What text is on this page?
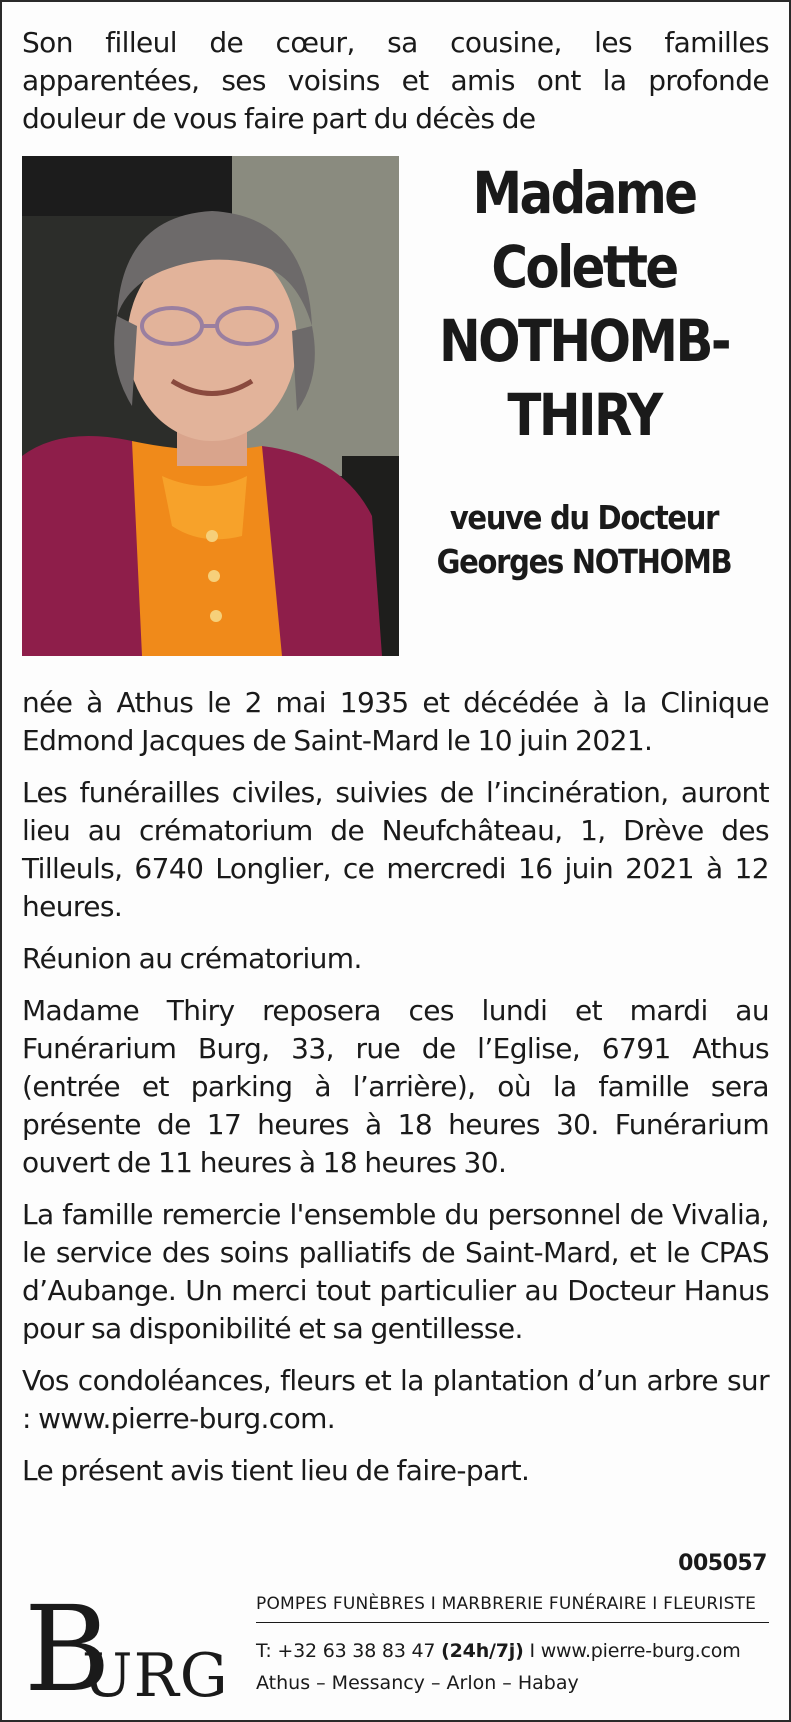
Son filleul de cœur, sa cousine, les familles apparentées, ses voisins et amis ont la profonde douleur de vous faire part du décès de

Madame
Colette
NOTHOMB-
THIRY
veuve du Docteur
Georges NOTHOMB

née à Athus le 2 mai 1935 et décédée à la Clinique Edmond Jacques de Saint-Mard le 10 juin 2021.

Les funérailles civiles, suivies de l’incinération, auront lieu au crématorium de Neufchâteau, 1, Drève des Tilleuls, 6740 Longlier, ce mercredi 16 juin 2021 à 12 heures.

Réunion au crématorium.

Madame Thiry reposera ces lundi et mardi au Funérarium Burg, 33, rue de l’Eglise, 6791 Athus (entrée et parking à l’arrière), où la famille sera présente de 17 heures à 18 heures 30. Funérarium ouvert de 11 heures à 18 heures 30.

La famille remercie l'ensemble du personnel de Vivalia, le service des soins palliatifs de Saint-Mard, et le CPAS d’Aubange. Un merci tout particulier au Docteur Hanus pour sa disponibilité et sa gentillesse.

Vos condoléances, fleurs et la plantation d’un arbre sur : www.pierre-burg.com.

Le présent avis tient lieu de faire-part.

005057
B
URG
POMPES FUNÈBRES I MARBRERIE FUNÉRAIRE I FLEURISTE
T: +32 63 38 83 47 (24h/7j) I www.pierre-burg.com
Athus – Messancy – Arlon – Habay
